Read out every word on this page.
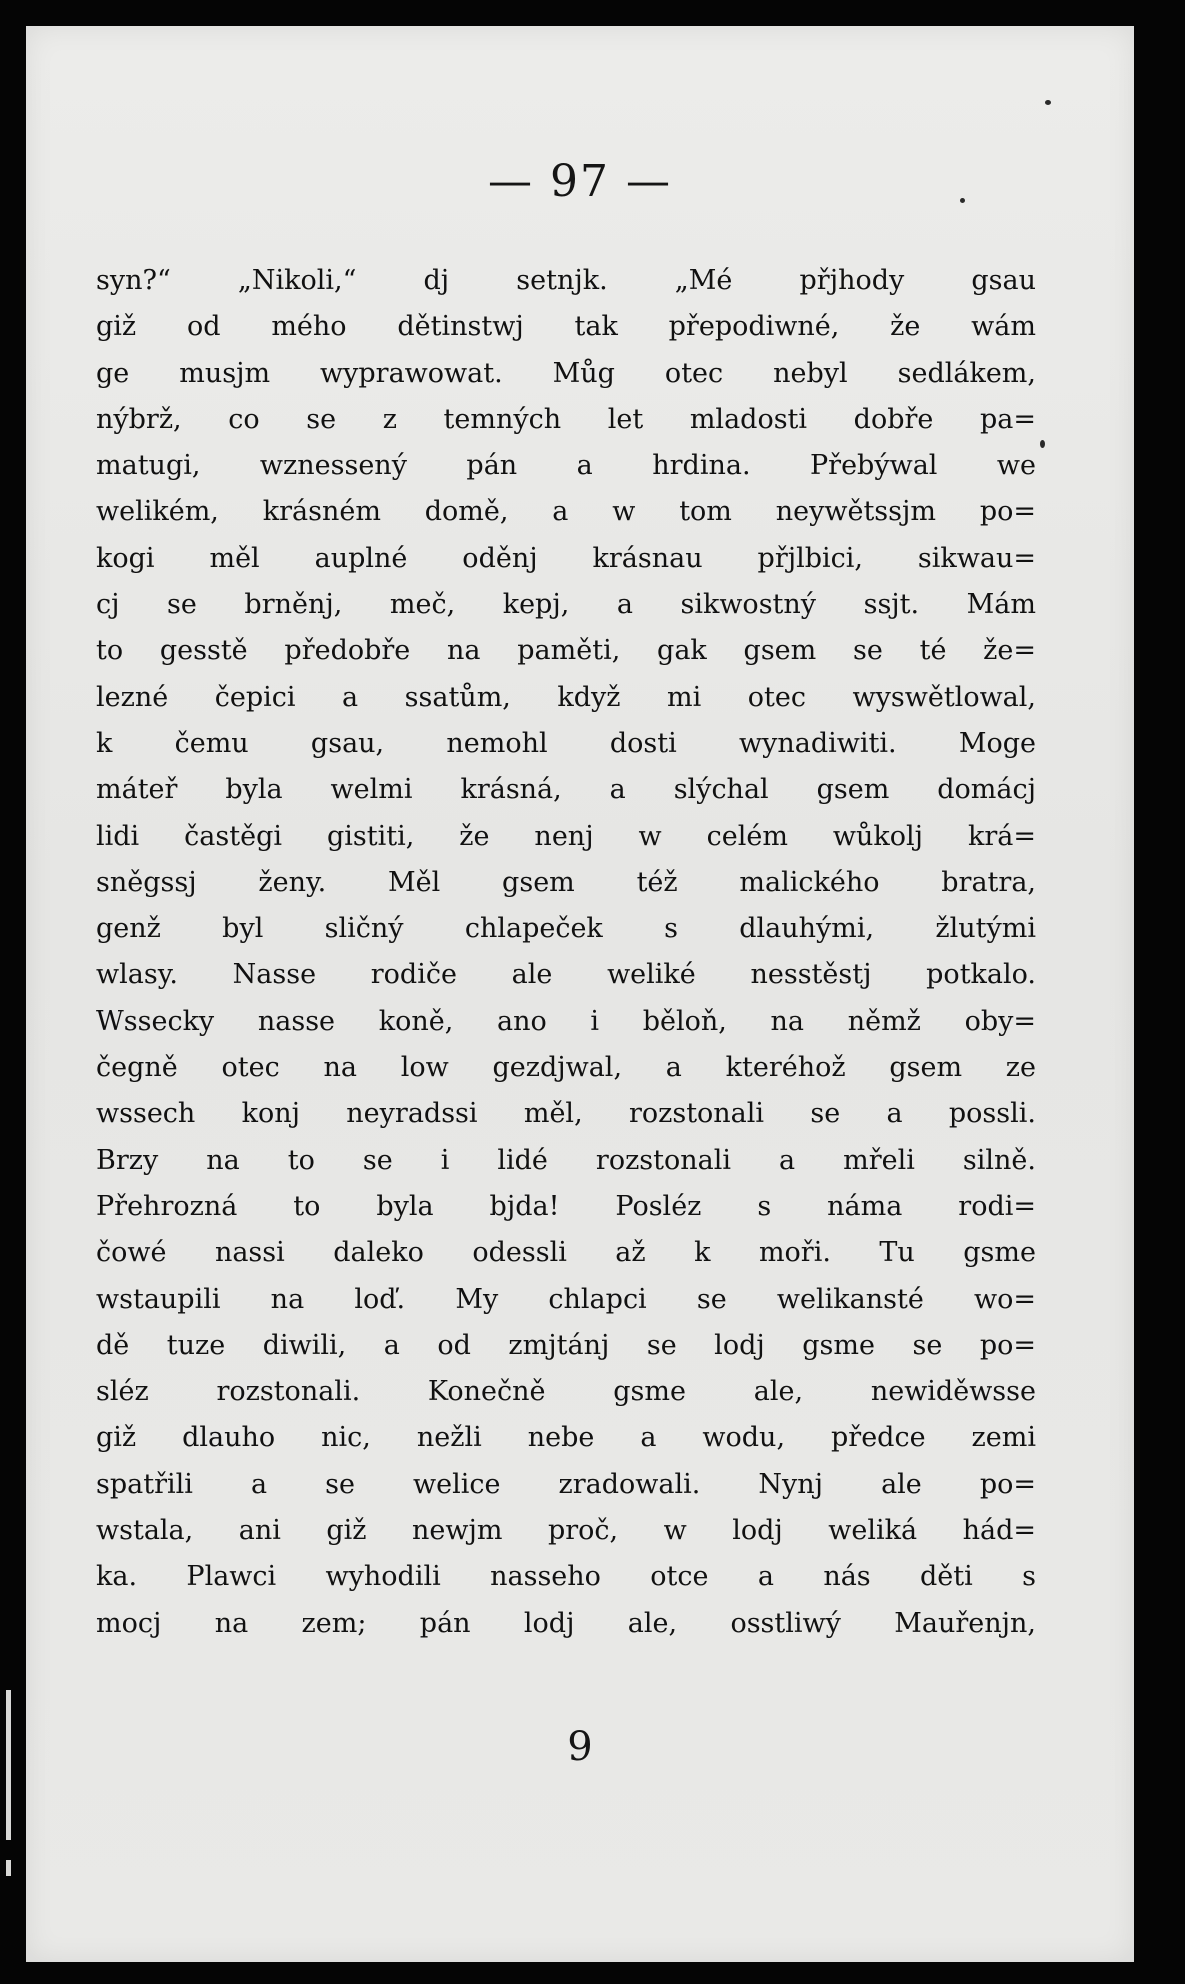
— 97 —
syn?“ „Nikoli,“ dj setnjk. „Mé přjhody gsau
giž od mého dětinstwj tak přepodiwné, že wám
ge musjm wyprawowat. Můg otec nebyl sedlákem,
nýbrž, co se z temných let mladosti dobře pa=
matugi, wznessený pán a hrdina. Přebýwal we
welikém, krásném domě, a w tom neywětssjm po=
kogi měl auplné oděnj krásnau přjlbici, sikwau=
cj se brněnj, meč, kepj, a sikwostný ssjt. Mám
to gesstě předobře na paměti, gak gsem se té že=
lezné čepici a ssatům, když mi otec wyswětlowal,
k čemu gsau, nemohl dosti wynadiwiti. Moge
máteř byla welmi krásná, a slýchal gsem domácj
lidi častěgi gistiti, že nenj w celém wůkolj krá=
sněgssj ženy. Měl gsem též malického bratra,
genž byl sličný chlapeček s dlauhými, žlutými
wlasy. Nasse rodiče ale weliké nesstěstj potkalo.
Wssecky nasse koně, ano i běloň, na němž oby=
čegně otec na low gezdjwal, a kteréhož gsem ze
wssech konj neyradssi měl, rozstonali se a possli.
Brzy na to se i lidé rozstonali a mřeli silně.
Přehrozná to byla bjda! Posléz s náma rodi=
čowé nassi daleko odessli až k moři. Tu gsme
wstaupili na loď. My chlapci se welikansté wo=
dě tuze diwili, a od zmjtánj se lodj gsme se po=
sléz rozstonali. Konečně gsme ale, newiděwsse
giž dlauho nic, nežli nebe a wodu, předce zemi
spatřili a se welice zradowali. Nynj ale po=
wstala, ani giž newjm proč, w lodj weliká hád=
ka. Plawci wyhodili nasseho otce a nás děti s
mocj na zem; pán lodj ale, osstliwý Mauřenjn,
9
